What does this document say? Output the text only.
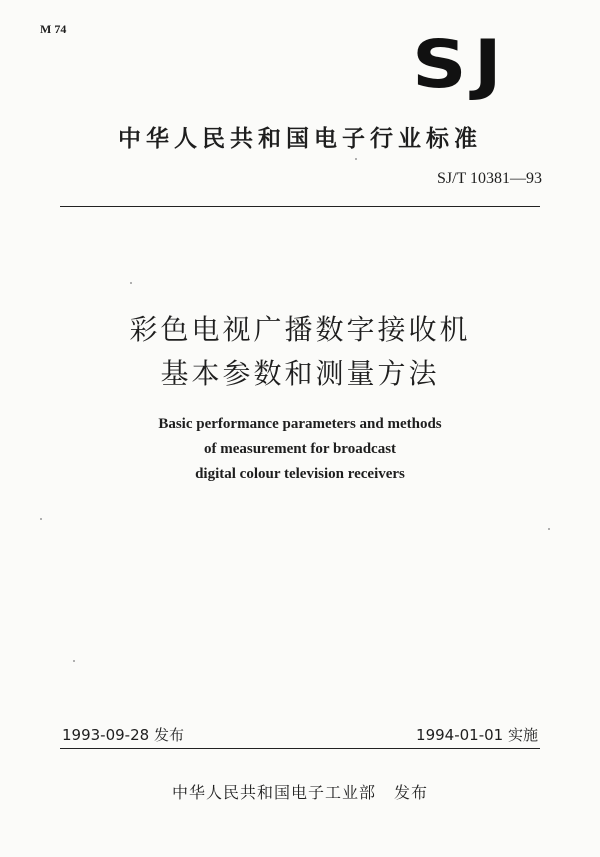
M 74	SJ
中华人民共和国电子行业标准
SJ/T 10381—93
彩色电视广播数字接收机
基本参数和测量方法
Basic performance parameters and methods
of measurement for broadcast
digital colour television receivers
1993-09-28 发布	1994-01-01 实施
中华人民共和国电子工业部 发布
